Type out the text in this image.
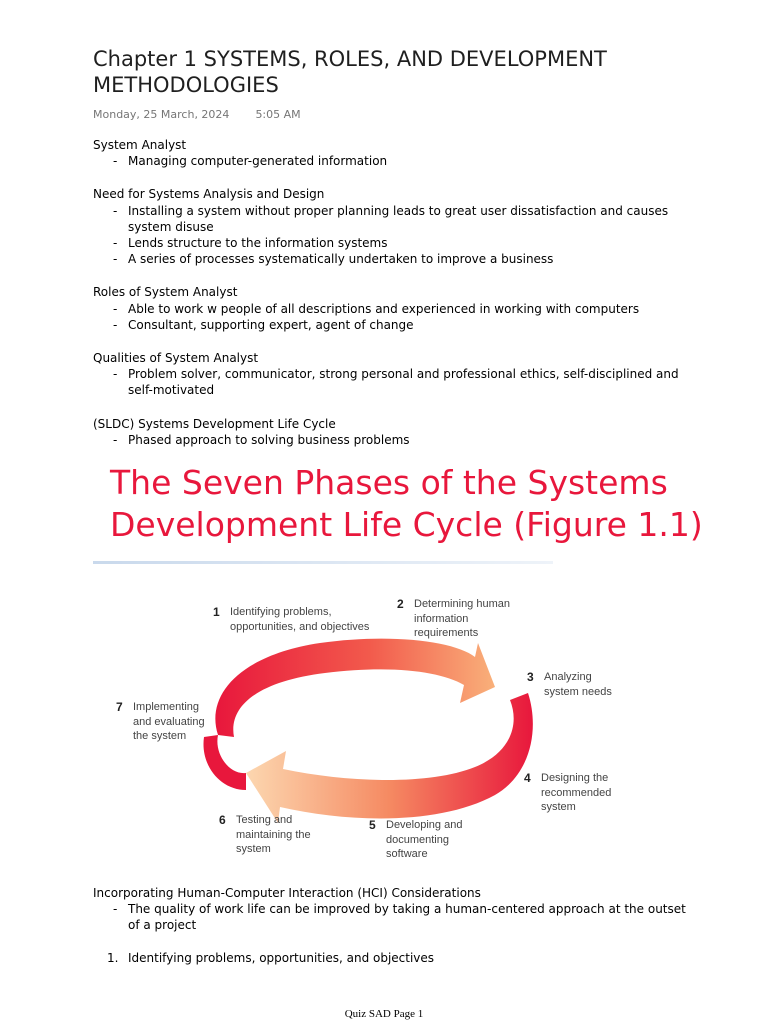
Chapter 1 SYSTEMS, ROLES, AND DEVELOPMENT METHODOLOGIES
Monday, 25 March, 2024 5:05 AM
System Analyst
- Managing computer-generated information
Need for Systems Analysis and Design
- Installing a system without proper planning leads to great user dissatisfaction and causes system disuse
- Lends structure to the information systems
- A series of processes systematically undertaken to improve a business
Roles of System Analyst
- Able to work w people of all descriptions and experienced in working with computers
- Consultant, supporting expert, agent of change
Qualities of System Analyst
- Problem solver, communicator, strong personal and professional ethics, self-disciplined and self-motivated
(SLDC) Systems Development Life Cycle
- Phased approach to solving business problems
The Seven Phases of the Systems Development Life Cycle (Figure 1.1)
1 Identifying problems, opportunities, and objectives
2 Determining human information requirements
3 Analyzing system needs
4 Designing the recommended system
5 Developing and documenting software
6 Testing and maintaining the system
7 Implementing and evaluating the system
Incorporating Human-Computer Interaction (HCI) Considerations
- The quality of work life can be improved by taking a human-centered approach at the outset of a project
1. Identifying problems, opportunities, and objectives
Quiz SAD Page 1
